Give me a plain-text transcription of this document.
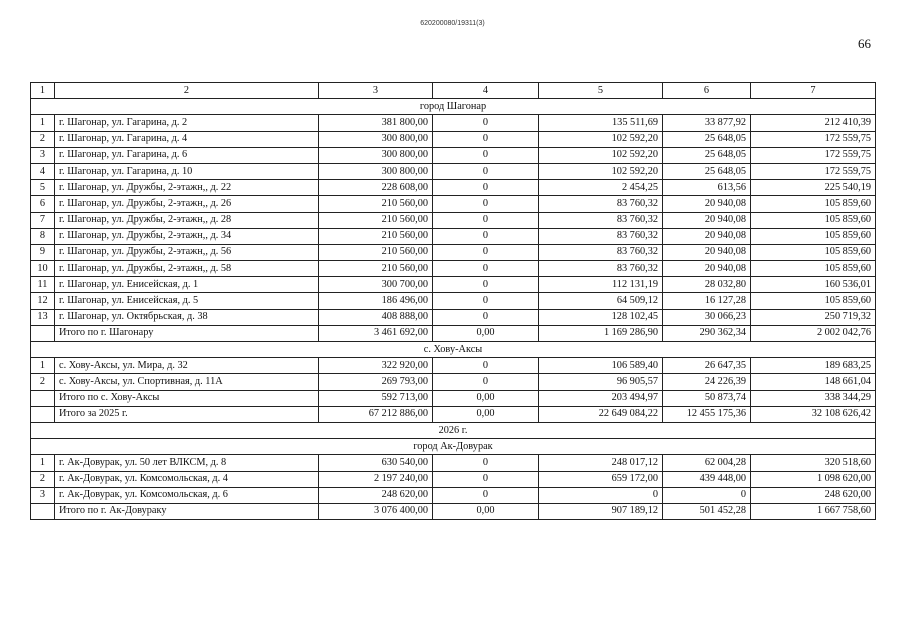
620200080/19311(3)
66
1	2	3	4	5	6	7
город Шагонар						
1	г. Шагонар, ул. Гагарина, д. 2	381 800,00	0	135 511,69	33 877,92	212 410,39
2	г. Шагонар, ул. Гагарина, д. 4	300 800,00	0	102 592,20	25 648,05	172 559,75
3	г. Шагонар, ул. Гагарина, д. 6	300 800,00	0	102 592,20	25 648,05	172 559,75
4	г. Шагонар, ул. Гагарина, д. 10	300 800,00	0	102 592,20	25 648,05	172 559,75
5	г. Шагонар, ул. Дружбы, 2-этажн,, д. 22	228 608,00	0	2 454,25	613,56	225 540,19
6	г. Шагонар, ул. Дружбы, 2-этажн,, д. 26	210 560,00	0	83 760,32	20 940,08	105 859,60
7	г. Шагонар, ул. Дружбы, 2-этажн,, д. 28	210 560,00	0	83 760,32	20 940,08	105 859,60
8	г. Шагонар, ул. Дружбы, 2-этажн,, д. 34	210 560,00	0	83 760,32	20 940,08	105 859,60
9	г. Шагонар, ул. Дружбы, 2-этажн,, д. 56	210 560,00	0	83 760,32	20 940,08	105 859,60
10	г. Шагонар, ул. Дружбы, 2-этажн,, д. 58	210 560,00	0	83 760,32	20 940,08	105 859,60
11	г. Шагонар, ул. Енисейская, д. 1	300 700,00	0	112 131,19	28 032,80	160 536,01
12	г. Шагонар, ул. Енисейская, д. 5	186 496,00	0	64 509,12	16 127,28	105 859,60
13	г. Шагонар, ул. Октябрьская, д. 38	408 888,00	0	128 102,45	30 066,23	250 719,32
	Итого по г. Шагонару	3 461 692,00	0,00	1 169 286,90	290 362,34	2 002 042,76
с. Хову-Аксы						
1	с. Хову-Аксы, ул. Мира, д. 32	322 920,00	0	106 589,40	26 647,35	189 683,25
2	с. Хову-Аксы, ул. Спортивная, д. 11А	269 793,00	0	96 905,57	24 226,39	148 661,04
	Итого по с. Хову-Аксы	592 713,00	0,00	203 494,97	50 873,74	338 344,29
	Итого за 2025 г.	67 212 886,00	0,00	22 649 084,22	12 455 175,36	32 108 626,42
2026 г.						
город Ак-Довурак						
1	г. Ак-Довурак, ул. 50 лет ВЛКСМ, д. 8	630 540,00	0	248 017,12	62 004,28	320 518,60
2	г. Ак-Довурак, ул. Комсомольская, д. 4	2 197 240,00	0	659 172,00	439 448,00	1 098 620,00
3	г. Ак-Довурак, ул. Комсомольская, д. 6	248 620,00	0	0	0	248 620,00
	Итого по г. Ак-Довураку	3 076 400,00	0,00	907 189,12	501 452,28	1 667 758,60
